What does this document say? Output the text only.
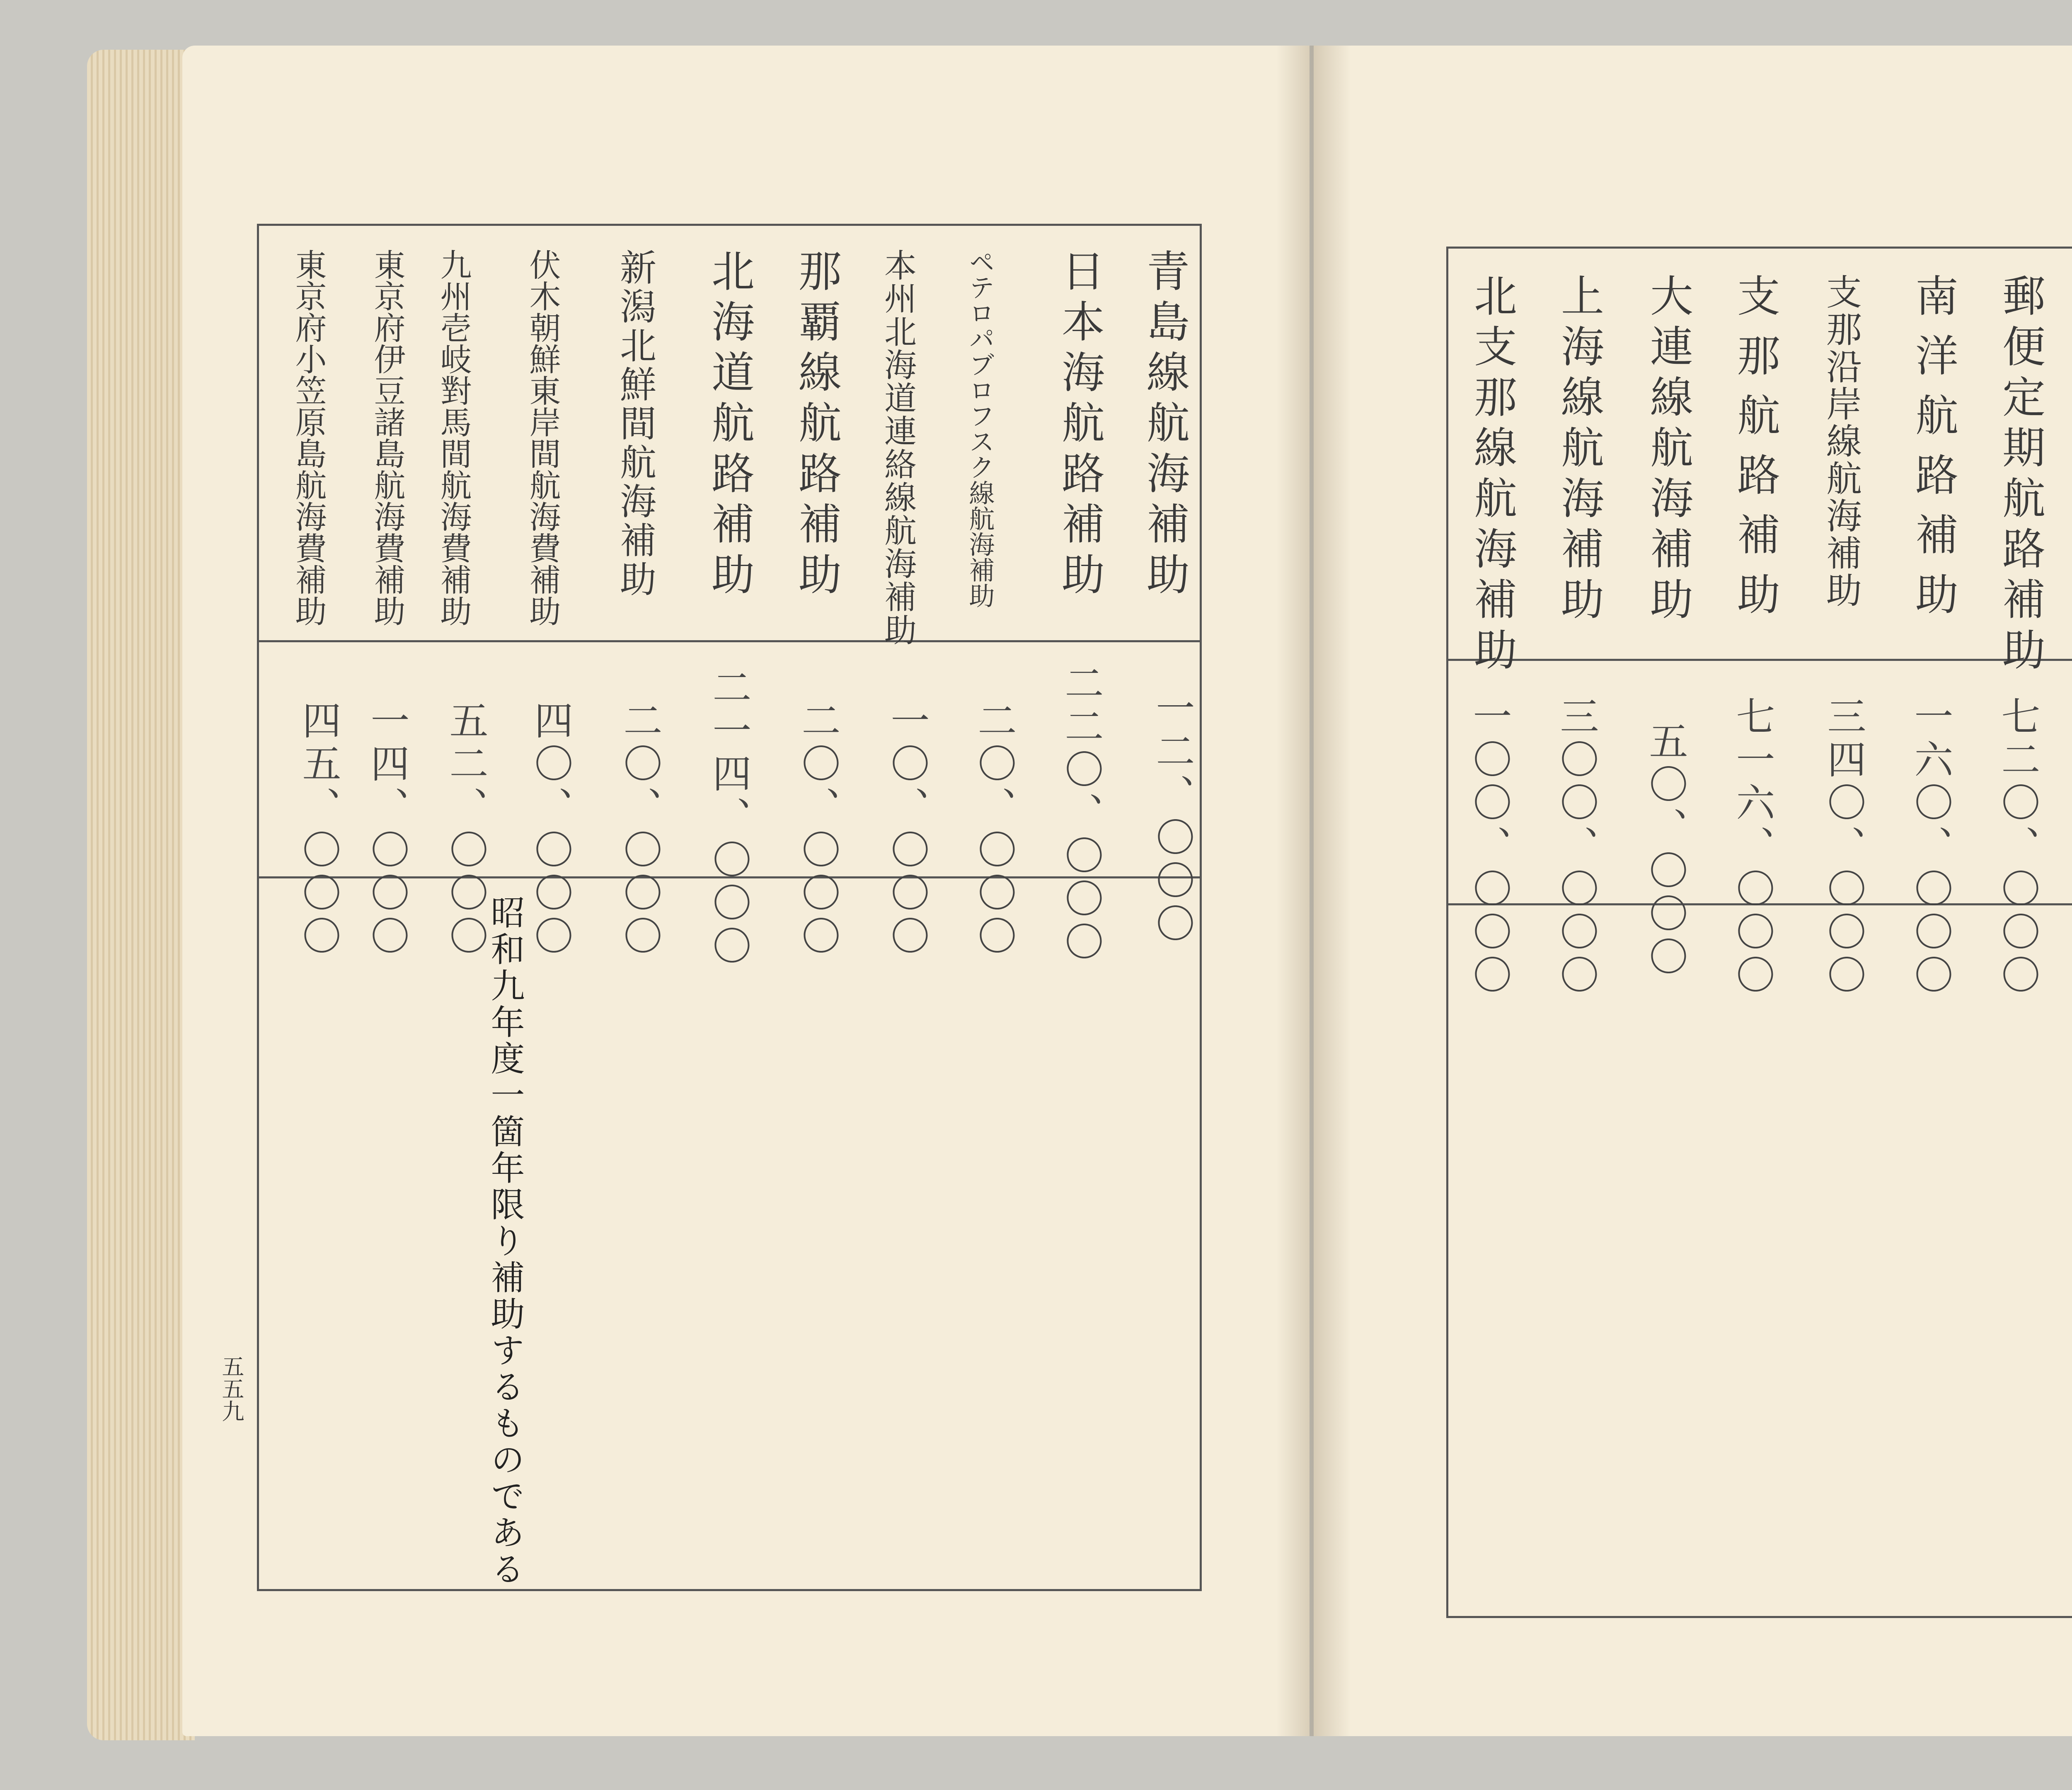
青島線航海補助
日本海航路補助
ペテロパブロフスク線航海補助
本州北海道連絡線航海補助
那覇線航路補助
北海道航路補助
新潟北鮮間航海補助
伏木朝鮮東岸間航海費補助
九州壱岐對馬間航海費補助
東京府伊豆諸島航海費補助
東京府小笠原島航海費補助
一二、〇〇〇
二二〇、〇〇〇
二〇、〇〇〇
一〇、〇〇〇
二〇、〇〇〇
二一四、〇〇〇
二〇、〇〇〇
四〇、〇〇〇
五二、〇〇〇
一四、〇〇〇
四五、〇〇〇
昭和九年度一箇年限り補助するものである
五五九
郵便定期航路補助
南洋航路補助
支那沿岸線航海補助
支那航路補助
大連線航海補助
上海線航海補助
北支那線航海補助
七二〇、〇〇〇
一六〇、〇〇〇
三四〇、〇〇〇
七一六、〇〇〇
五〇、〇〇〇
三〇〇、〇〇〇
一〇〇、〇〇〇
